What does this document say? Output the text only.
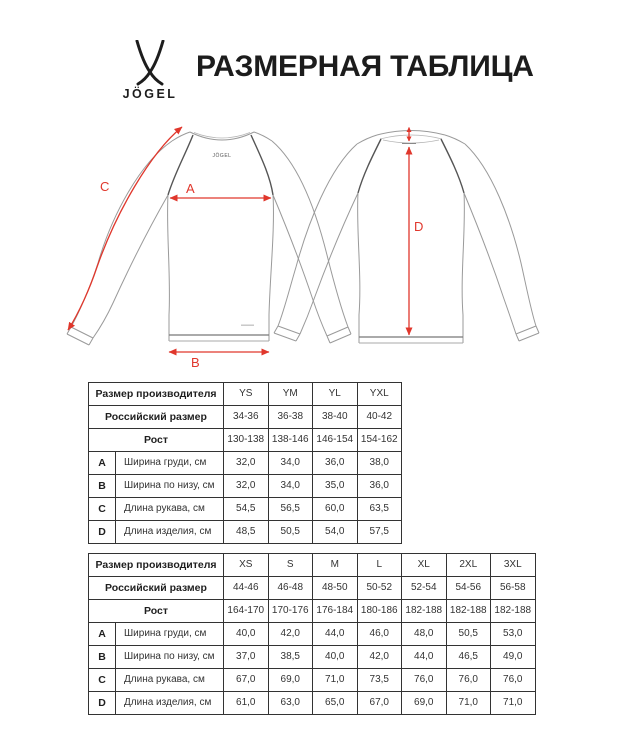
JÖGEL
РАЗМЕРНАЯ ТАБЛИЦА
JÖGEL
A
B
C
D
Размер производителя		YS	YM	YL	YXL
Российский размер		34-36	36-38	38-40	40-42
Рост		130-138	138-146	146-154	154-162
A	Ширина груди, см	32,0	34,0	36,0	38,0
B	Ширина по низу, см	32,0	34,0	35,0	36,0
C	Длина рукава, см	54,5	56,5	60,0	63,5
D	Длина изделия, см	48,5	50,5	54,0	57,5
Размер производителя		XS	S	M	L	XL	2XL	3XL
Российский размер		44-46	46-48	48-50	50-52	52-54	54-56	56-58
Рост		164-170	170-176	176-184	180-186	182-188	182-188	182-188
A	Ширина груди, см	40,0	42,0	44,0	46,0	48,0	50,5	53,0
B	Ширина по низу, см	37,0	38,5	40,0	42,0	44,0	46,5	49,0
C	Длина рукава, см	67,0	69,0	71,0	73,5	76,0	76,0	76,0
D	Длина изделия, см	61,0	63,0	65,0	67,0	69,0	71,0	71,0
